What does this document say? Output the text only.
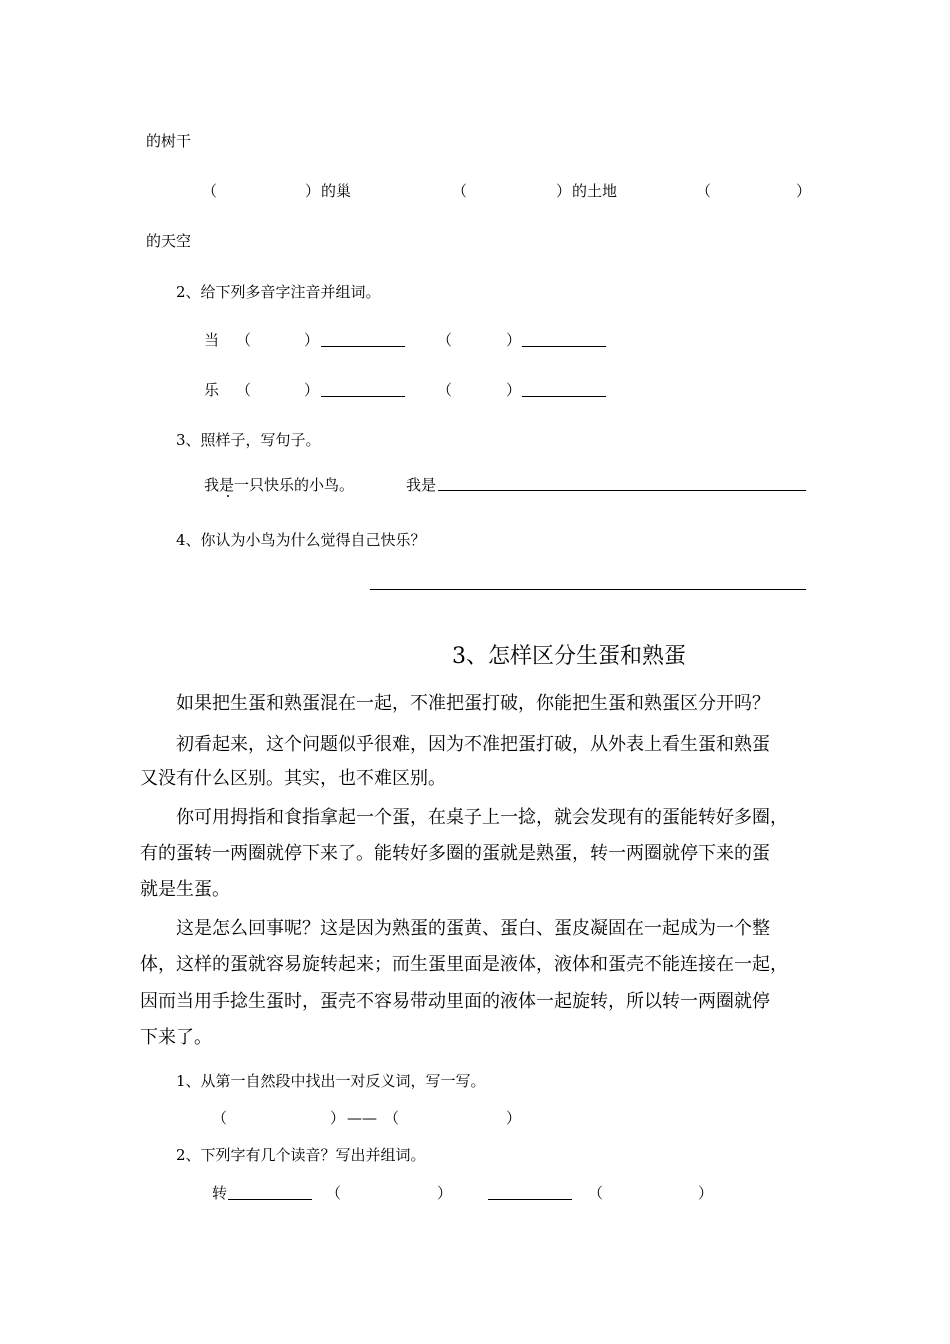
的树干
（	） 的巢	（	） 的土地	（	）
的天空
2、给下列多音字注音并组词。
当 （	）	（	）
乐 （	）	（	）
3、照样子，写句子。
我是一只快乐的小鸟。	我是
4、你认为小鸟为什么觉得自己快乐？
3、怎样区分生蛋和熟蛋
如果把生蛋和熟蛋混在一起，不准把蛋打破，你能把生蛋和熟蛋区分开吗？
初看起来，这个问题似乎很难，因为不准把蛋打破，从外表上看生蛋和熟蛋
又没有什么区别。其实，也不难区别。
你可用拇指和食指拿起一个蛋，在桌子上一捻，就会发现有的蛋能转好多圈，
有的蛋转一两圈就停下来了。能转好多圈的蛋就是熟蛋，转一两圈就停下来的蛋
就是生蛋。
这是怎么回事呢？这是因为熟蛋的蛋黄、蛋白、蛋皮凝固在一起成为一个整
体，这样的蛋就容易旋转起来；而生蛋里面是液体，液体和蛋壳不能连接在一起，
因而当用手捻生蛋时，蛋壳不容易带动里面的液体一起旋转，所以转一两圈就停
下来了。
1、从第一自然段中找出一对反义词，写一写。
（	） —— （	）
2、下列字有几个读音？写出并组词。
转	（	）	（	）
